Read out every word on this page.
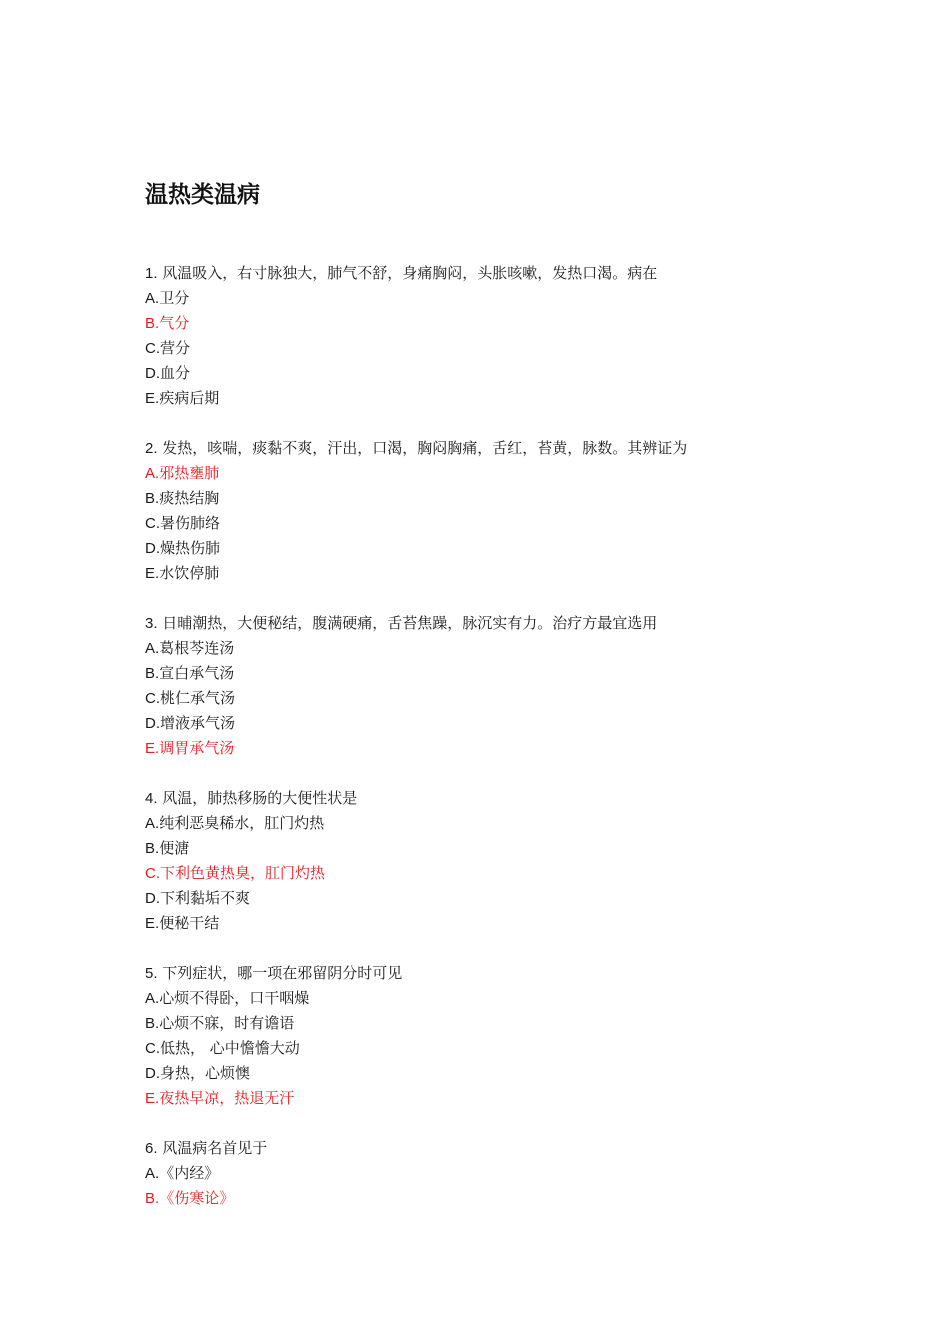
温热类温病
1. 风温吸入，右寸脉独大，肺气不舒，身痛胸闷，头胀咳嗽，发热口渴。病在
A.卫分
B.气分
C.营分
D.血分
E.疾病后期
2. 发热，咳喘，痰黏不爽，汗出，口渴，胸闷胸痛，舌红，苔黄，脉数。其辨证为
A.邪热壅肺
B.痰热结胸
C.暑伤肺络
D.燥热伤肺
E.水饮停肺
3. 日晡潮热，大便秘结，腹满硬痛，舌苔焦躁，脉沉实有力。治疗方最宜选用
A.葛根芩连汤
B.宣白承气汤
C.桃仁承气汤
D.增液承气汤
E.调胃承气汤
4. 风温，肺热移肠的大便性状是
A.纯利恶臭稀水，肛门灼热
B.便溏
C.下利色黄热臭，肛门灼热
D.下利黏垢不爽
E.便秘干结
5. 下列症状，哪一项在邪留阴分时可见
A.心烦不得卧，口干咽燥
B.心烦不寐，时有谵语
C.低热， 心中憺憺大动
D.身热，心烦懊
E.夜热早凉，热退无汗
6. 风温病名首见于
A.《内经》
B.《伤寒论》
